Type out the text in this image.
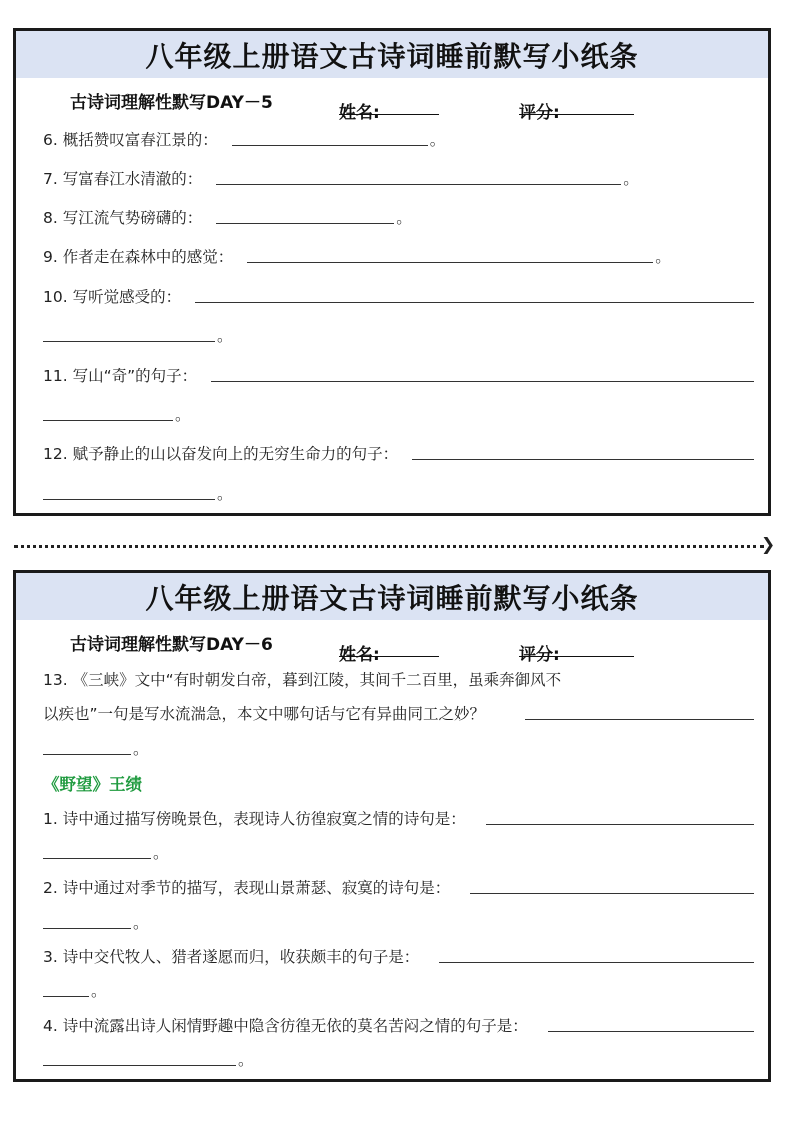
八年级上册语文古诗词睡前默写小纸条
古诗词理解性默写DAY－5	姓名:	评分:
6. 概括赞叹富春江景的：	。
7. 写富春江水清澈的：	。
8. 写江流气势磅礴的：	。
9. 作者走在森林中的感觉：	。
10. 写听觉感受的：
。
11. 写山“奇”的句子：
。
12. 赋予静止的山以奋发向上的无穷生命力的句子：
。
❯
八年级上册语文古诗词睡前默写小纸条
古诗词理解性默写DAY－6	姓名:	评分:
13. 《三峡》文中“有时朝发白帝，暮到江陵，其间千二百里，虽乘奔御风不
以疾也”一句是写水流湍急，本文中哪句话与它有异曲同工之妙？
。
《野望》王绩
1. 诗中通过描写傍晚景色，表现诗人彷徨寂寞之情的诗句是：
。
2. 诗中通过对季节的描写，表现山景萧瑟、寂寞的诗句是：
。
3. 诗中交代牧人、猎者遂愿而归，收获颇丰的句子是：
。
4. 诗中流露出诗人闲情野趣中隐含彷徨无依的莫名苦闷之情的句子是：
。
